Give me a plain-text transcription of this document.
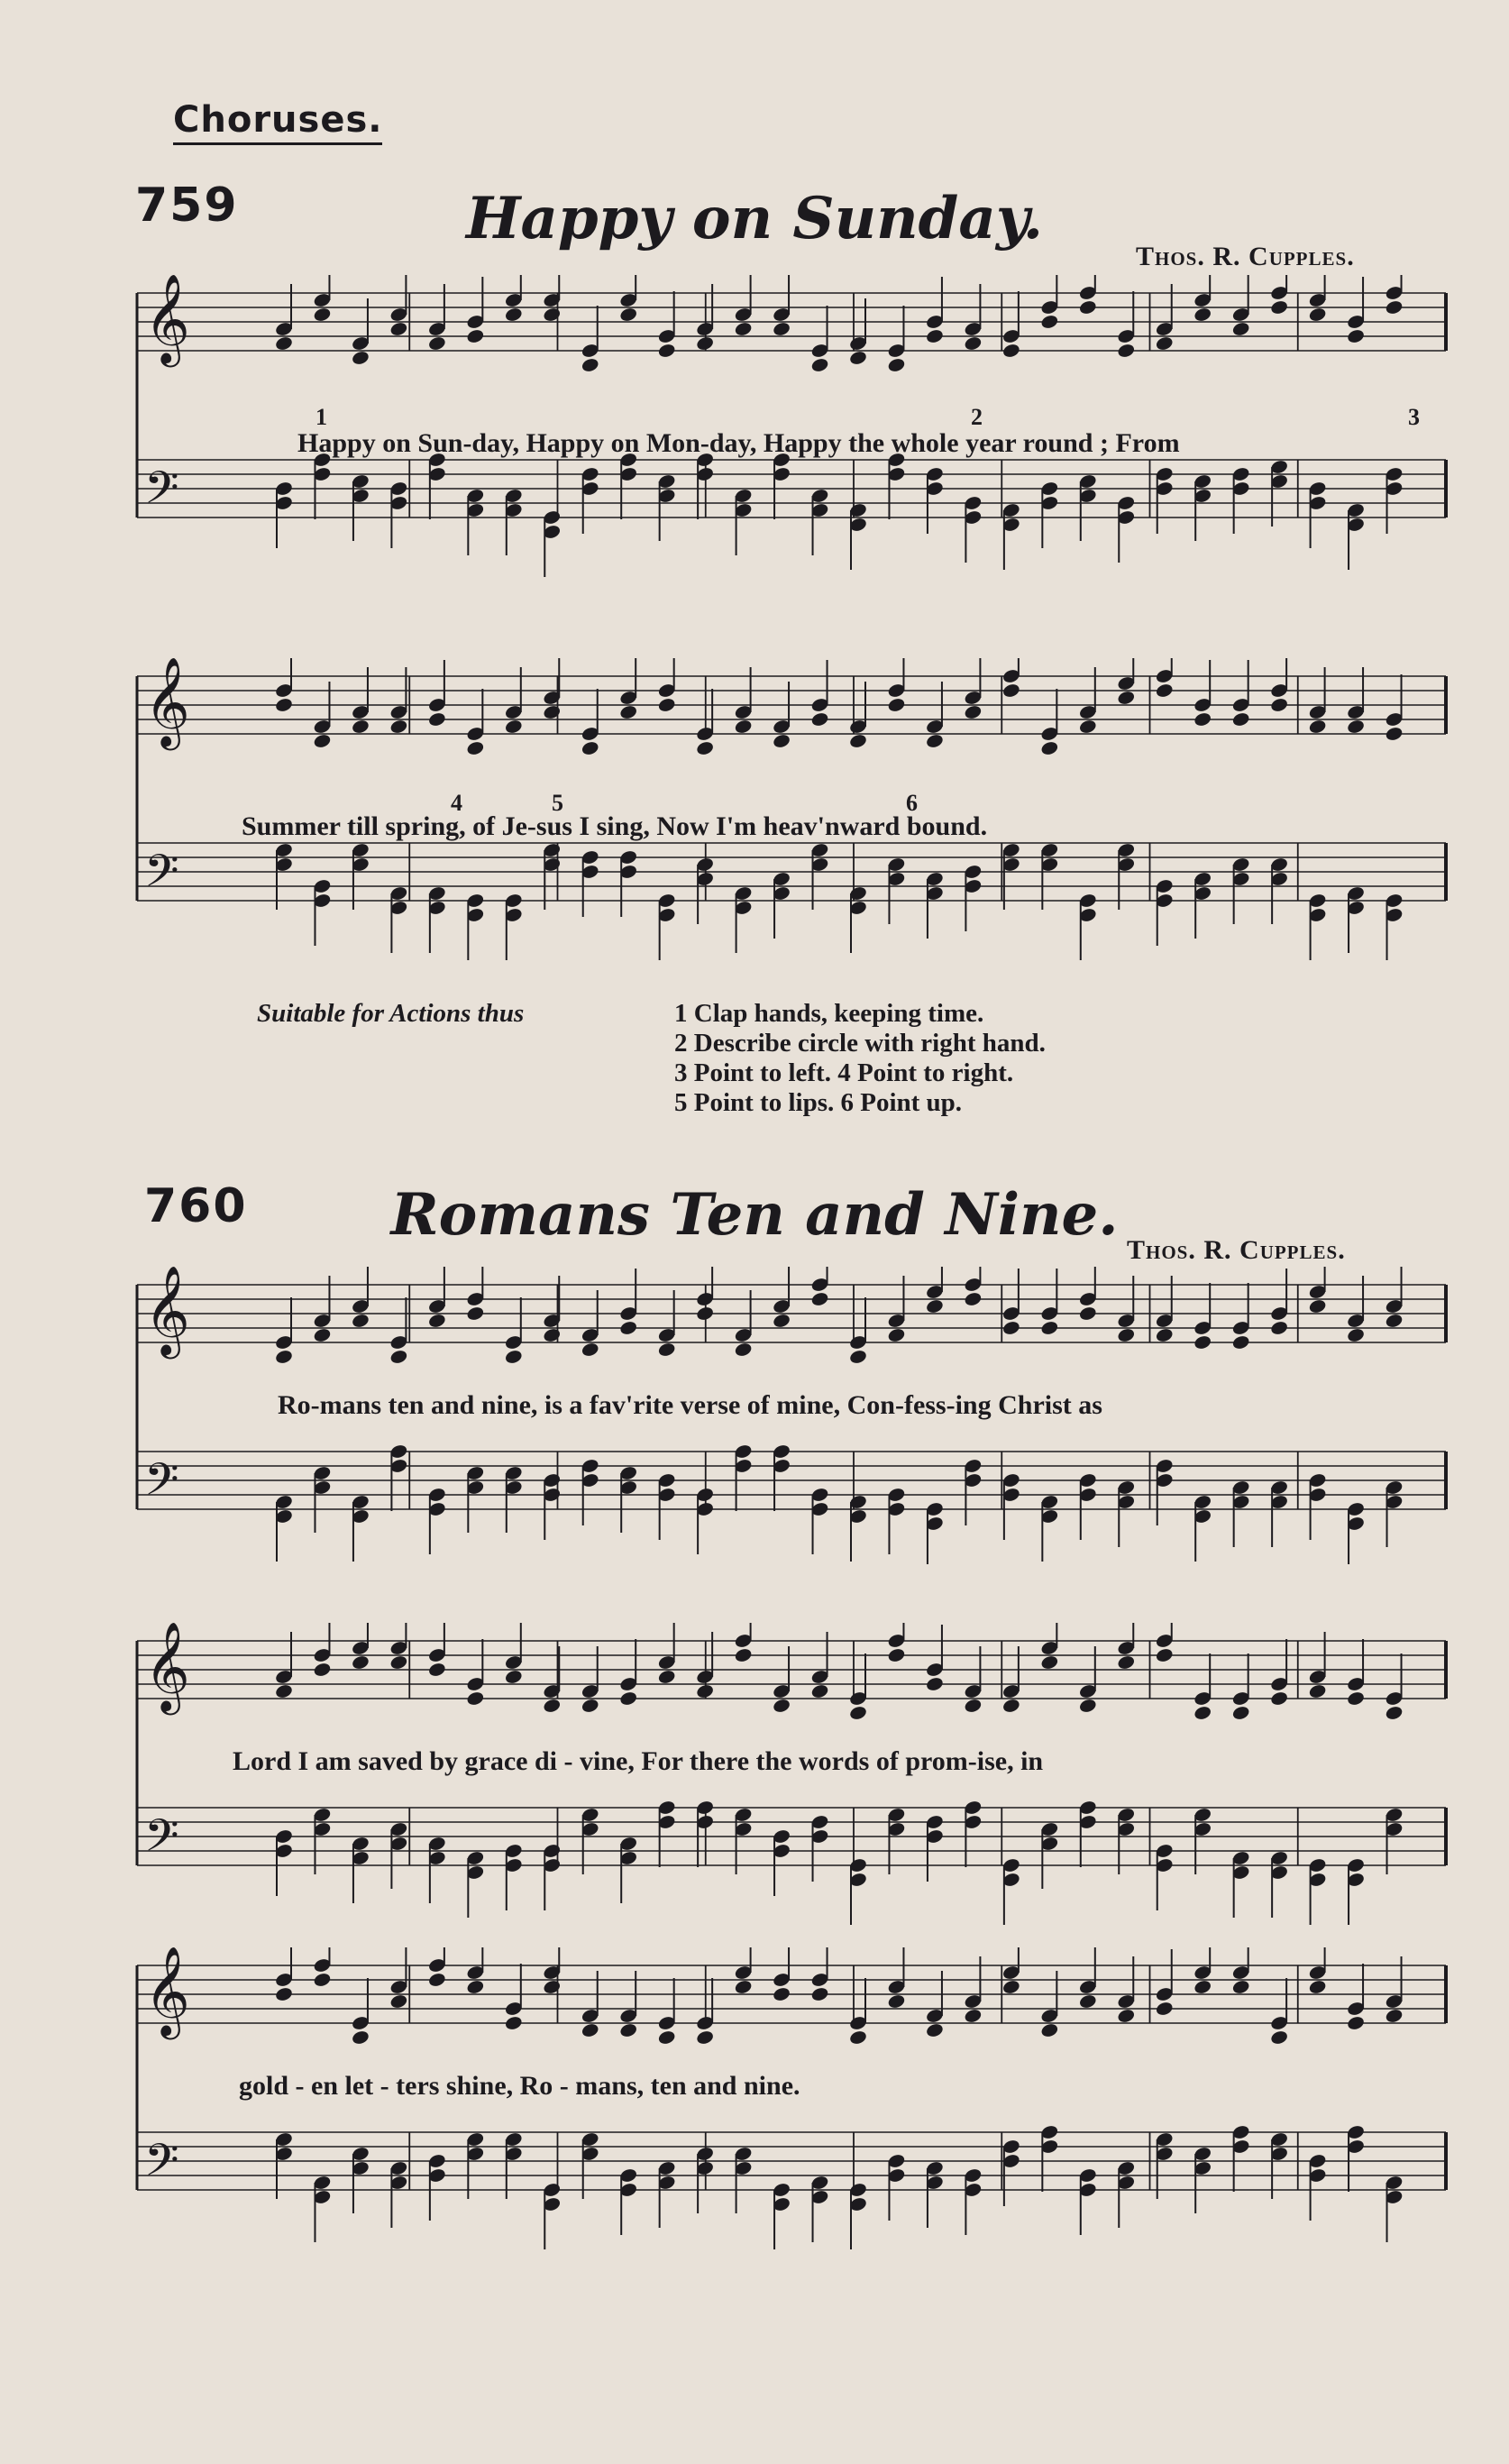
Choruses.
759	Happy on Sunday.
Thos. R. Cupples.
𝄞
𝄢
1	2	3
Happy on Sun-day, Happy on Mon-day, Happy the whole year round ; From
𝄞
𝄢
4	5	6
Summer till spring, of Je-sus I sing, Now I'm heav'nward bound.
Suitable for Actions thus	1 Clap hands, keeping time.
2 Describe circle with right hand.
3 Point to left. 4 Point to right.
5 Point to lips. 6 Point up.
760	Romans Ten and Nine.
Thos. R. Cupples.
𝄞
𝄢
Ro-mans ten and nine, is a fav'rite verse of mine, Con-fess-ing Christ as
𝄞
𝄢
Lord I am saved by grace di - vine, For there the words of prom-ise, in
𝄞
𝄢
gold - en let - ters shine, Ro - mans, ten and nine.
